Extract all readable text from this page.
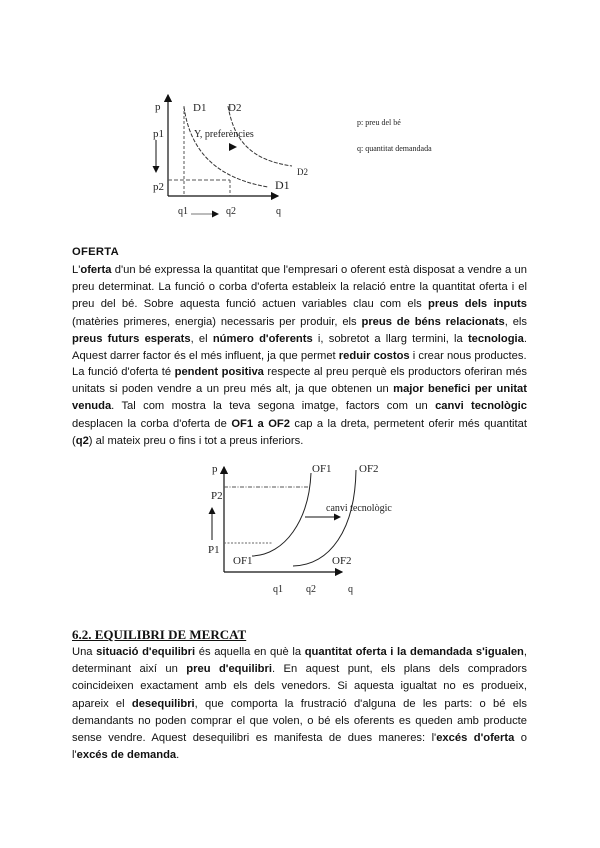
p
p1
p2
D1 D2
Y, preferències
D2
D1
q1	q2	q
p: preu del bé
q: quantitat demandada
p	OF1 OF2
P2
P1
canvi tecnològic
OF1	OF2
q1 q2	q
OFERTA
L'oferta d'un bé expressa la quantitat que l'empresari o oferent està disposat a vendre a un preu determinat. La funció o corba d'oferta estableix la relació entre la quantitat oferta i el preu del bé. Sobre aquesta funció actuen variables clau com els preus dels inputs (matèries primeres, energia) necessaris per produir, els preus de béns relacionats, els preus futurs esperats, el número d'oferents i, sobretot a llarg termini, la tecnologia. Aquest darrer factor és el més influent, ja que permet reduir costos i crear nous productes.
La funció d'oferta té pendent positiva respecte al preu perquè els productors oferiran més unitats si poden vendre a un preu més alt, ja que obtenen un major benefici per unitat venuda. Tal com mostra la teva segona imatge, factors com un canvi tecnològic desplacen la corba d'oferta de OF1 a OF2 cap a la dreta, permetent oferir més quantitat (q2) al mateix preu o fins i tot a preus inferiors.
6.2. EQUILIBRI DE MERCAT
Una situació d'equilibri és aquella en què la quantitat oferta i la demandada s'igualen, determinant així un preu d'equilibri. En aquest punt, els plans dels compradors coincideixen exactament amb els dels venedors. Si aquesta igualtat no es produeix, apareix el desequilibri, que comporta la frustració d'alguna de les parts: o bé els demandants no poden comprar el que volen, o bé els oferents es queden amb producte sense vendre. Aquest desequilibri es manifesta de dues maneres: l'excés d'oferta o l'excés de demanda.
